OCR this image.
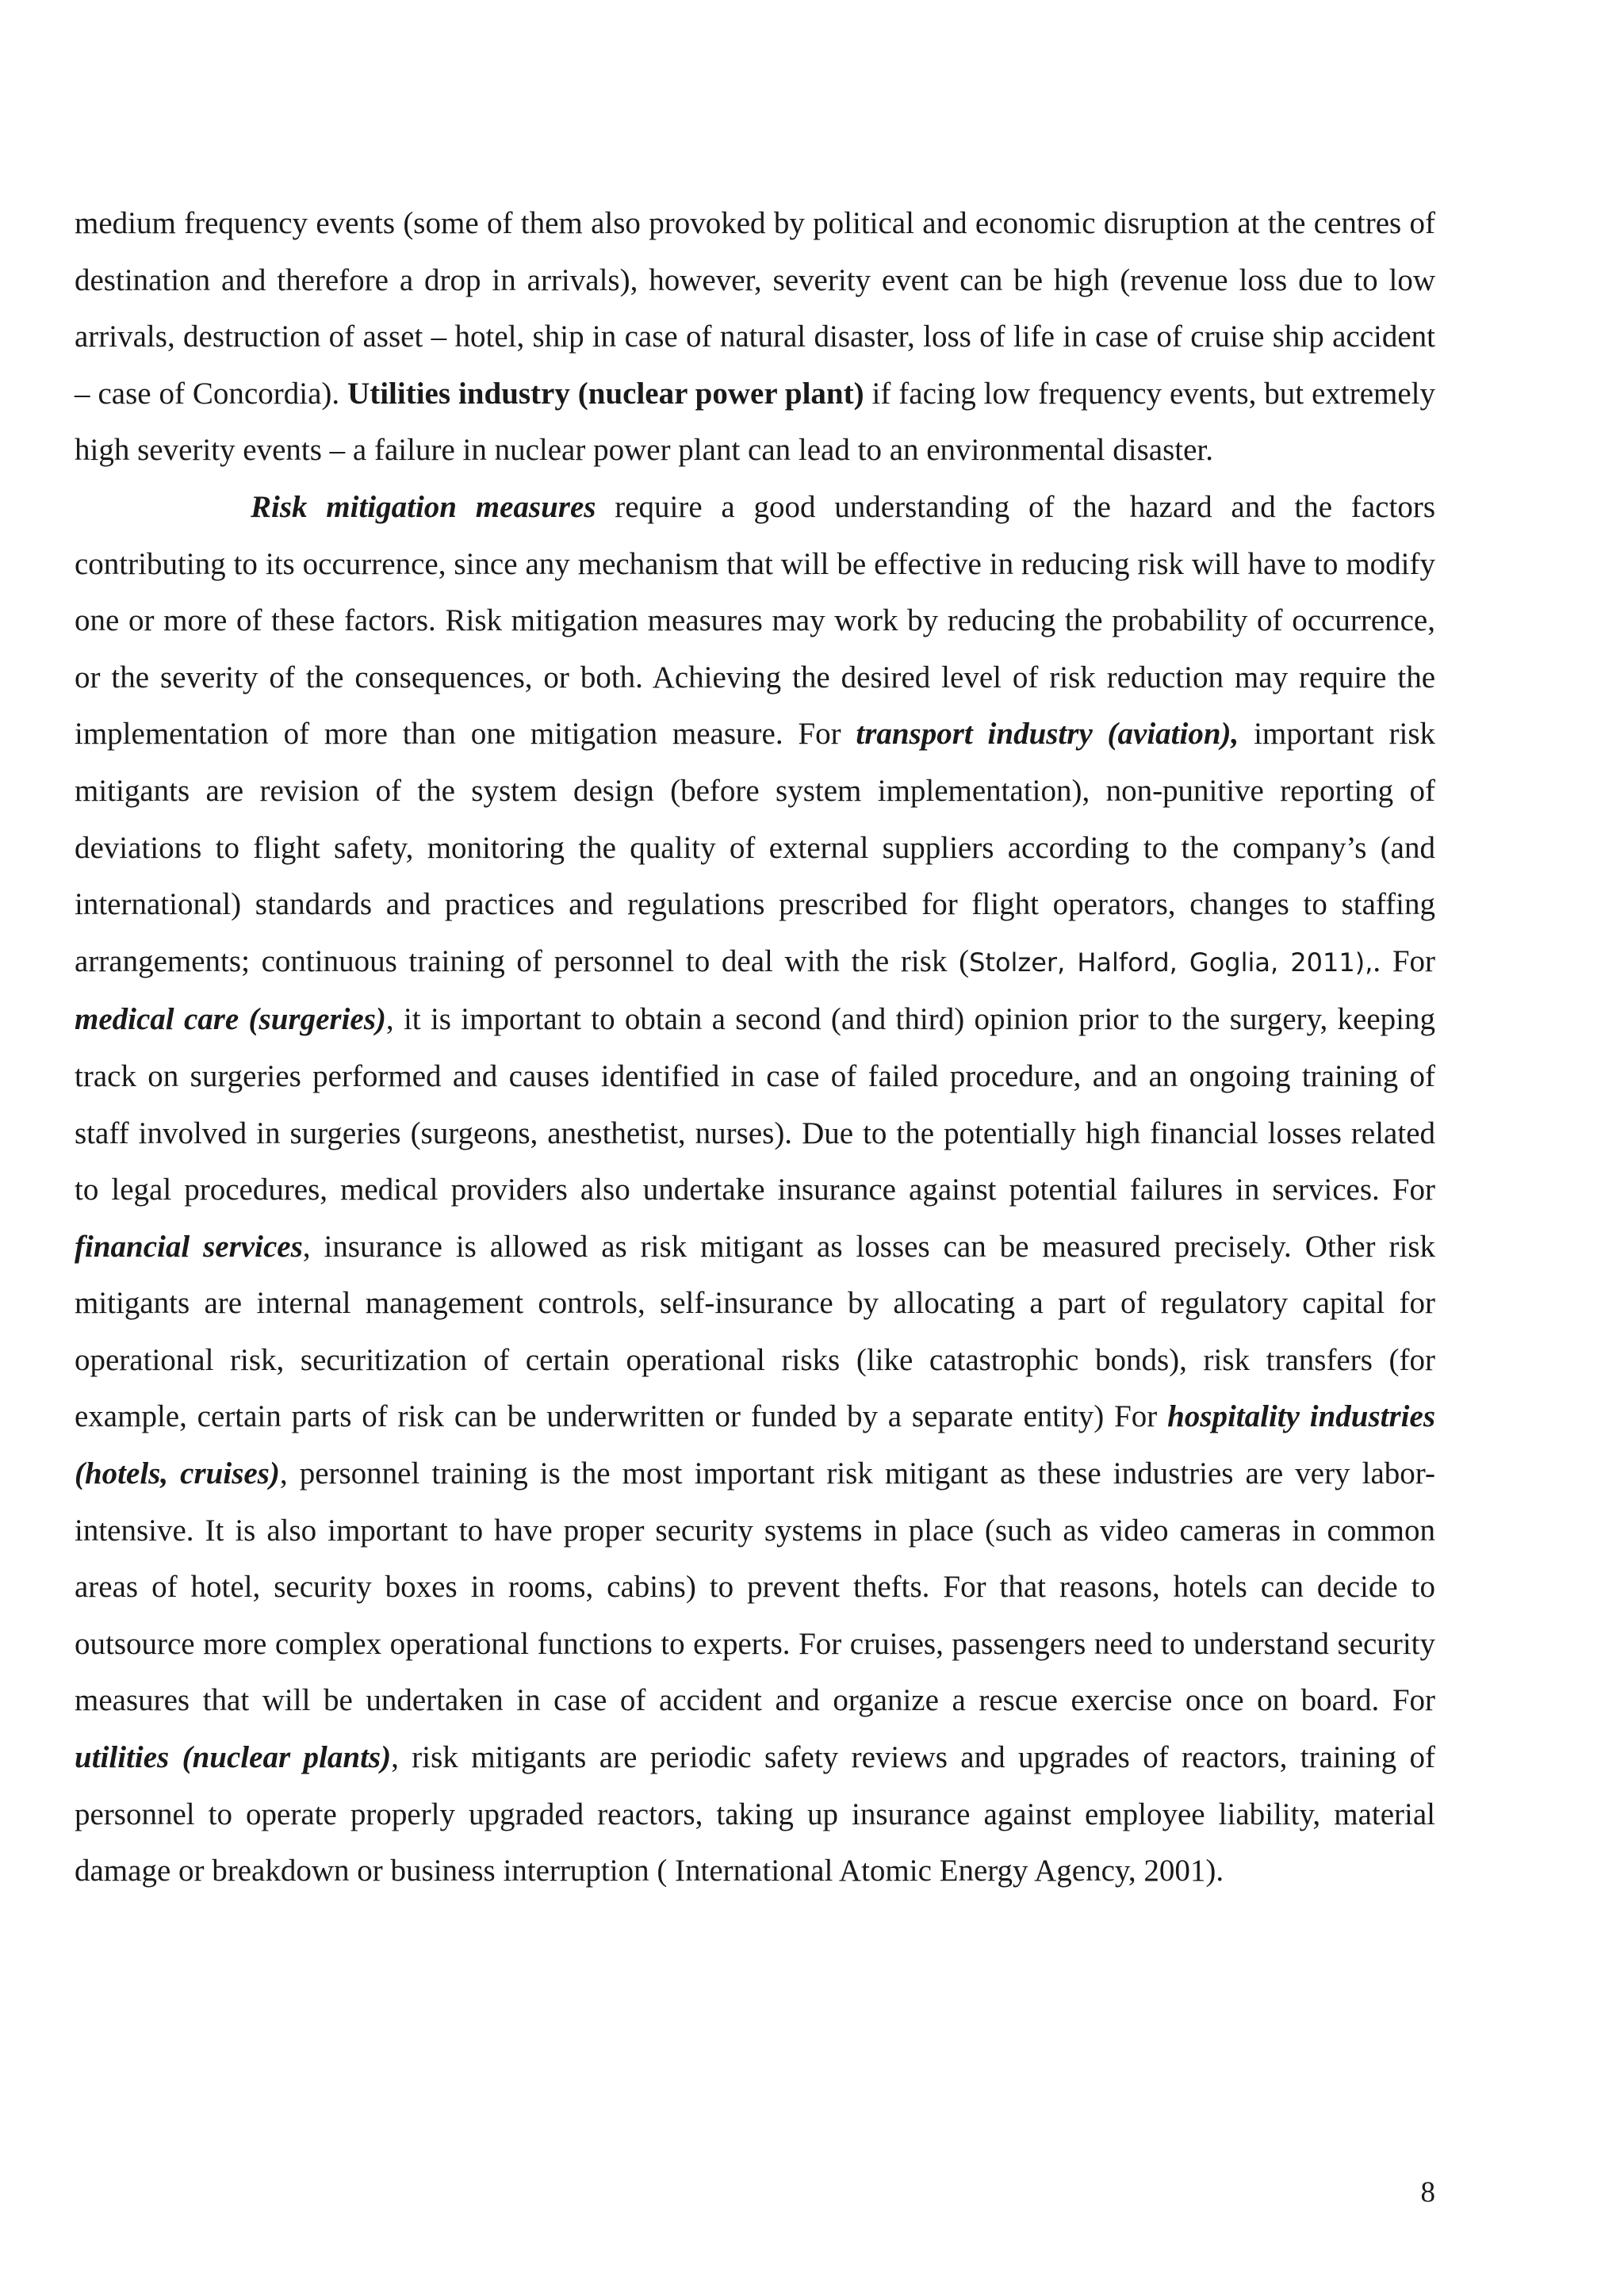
medium frequency events (some of them also provoked by political and economic disruption at the centres of destination and therefore a drop in arrivals), however, severity event can be high (revenue loss due to low arrivals, destruction of asset – hotel, ship in case of natural disaster, loss of life in case of cruise ship accident – case of Concordia). Utilities industry (nuclear power plant) if facing low frequency events, but extremely high severity events – a failure in nuclear power plant can lead to an environmental disaster.

Risk mitigation measures require a good understanding of the hazard and the factors contributing to its occurrence, since any mechanism that will be effective in reducing risk will have to modify one or more of these factors. Risk mitigation measures may work by reducing the probability of occurrence, or the severity of the consequences, or both. Achieving the desired level of risk reduction may require the implementation of more than one mitigation measure. For transport industry (aviation), important risk mitigants are revision of the system design (before system implementation), non-punitive reporting of deviations to flight safety, monitoring the quality of external suppliers according to the company’s (and international) standards and practices and regulations prescribed for flight operators, changes to staffing arrangements; continuous training of personnel to deal with the risk (Stolzer, Halford, Goglia, 2011),. For medical care (surgeries), it is important to obtain a second (and third) opinion prior to the surgery, keeping track on surgeries performed and causes identified in case of failed procedure, and an ongoing training of staff involved in surgeries (surgeons, anesthetist, nurses). Due to the potentially high financial losses related to legal procedures, medical providers also undertake insurance against potential failures in services. For financial services, insurance is allowed as risk mitigant as losses can be measured precisely. Other risk mitigants are internal management controls, self-insurance by allocating a part of regulatory capital for operational risk, securitization of certain operational risks (like catastrophic bonds), risk transfers (for example, certain parts of risk can be underwritten or funded by a separate entity) For hospitality industries (hotels, cruises), personnel training is the most important risk mitigant as these industries are very labor-intensive. It is also important to have proper security systems in place (such as video cameras in common areas of hotel, security boxes in rooms, cabins) to prevent thefts. For that reasons, hotels can decide to outsource more complex operational functions to experts. For cruises, passengers need to understand security measures that will be undertaken in case of accident and organize a rescue exercise once on board. For utilities (nuclear plants), risk mitigants are periodic safety reviews and upgrades of reactors, training of personnel to operate properly upgraded reactors, taking up insurance against employee liability, material damage or breakdown or business interruption ( International Atomic Energy Agency, 2001).

8
